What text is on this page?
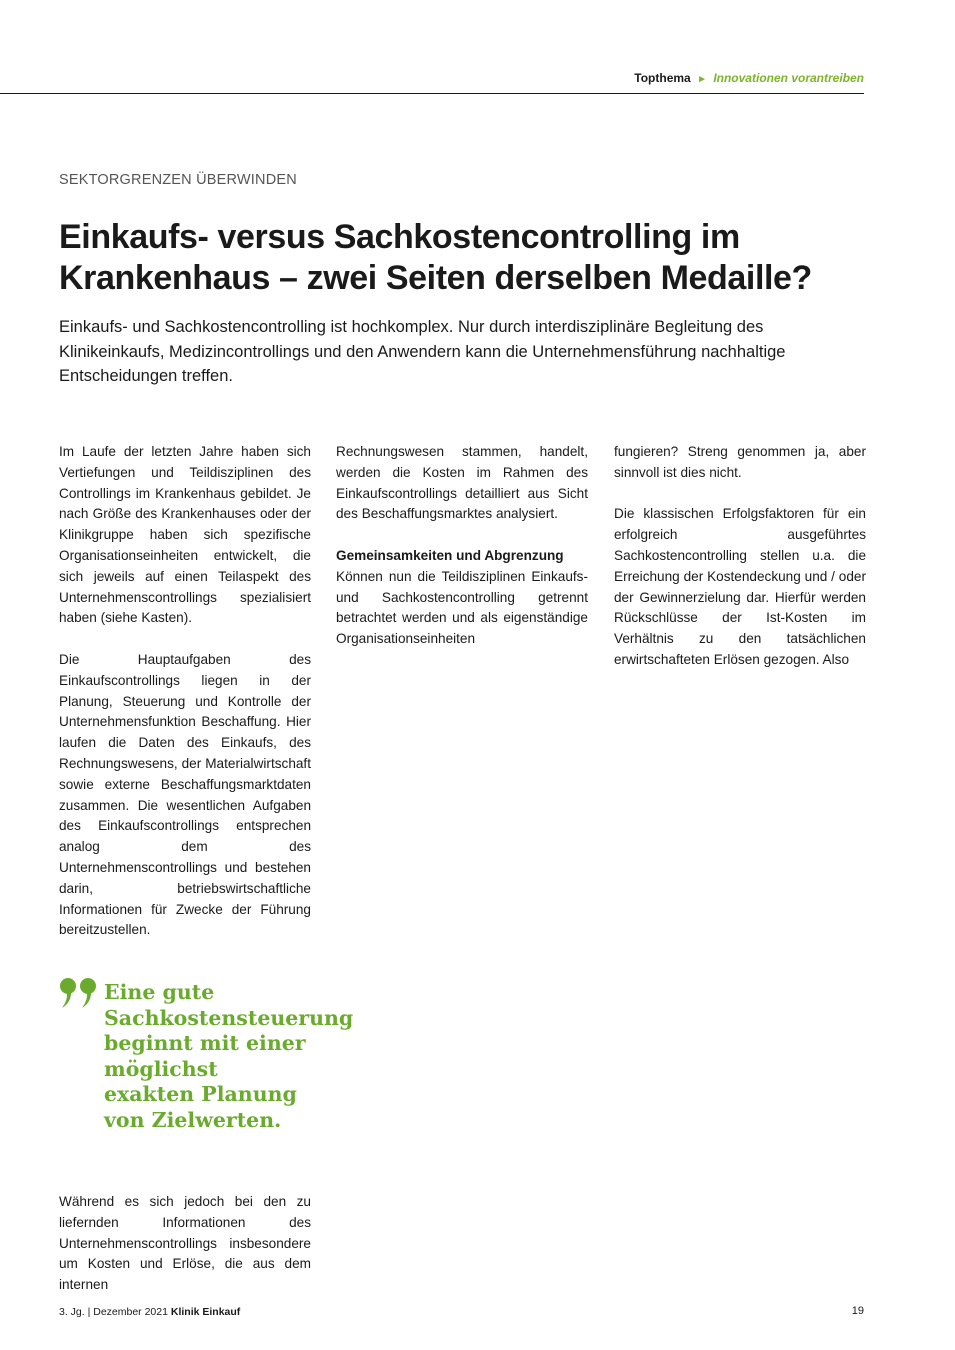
Topthema ► Innovationen vorantreiben
SEKTORGRENZEN ÜBERWINDEN
Einkaufs- versus Sachkostencontrolling im
Krankenhaus – zwei Seiten derselben Medaille?

Einkaufs- und Sachkostencontrolling ist hochkomplex. Nur durch interdisziplinäre Begleitung des Klinikeinkaufs, Medizincontrollings und den Anwendern kann die Unternehmensführung nachhaltige Entscheidungen treffen.

Im Laufe der letzten Jahre haben sich Vertiefungen und Teildisziplinen des Controllings im Krankenhaus gebildet. Je nach Größe des Krankenhauses oder der Klinikgruppe haben sich spezifische Organisationseinheiten entwickelt, die sich jeweils auf einen Teilaspekt des Unternehmenscontrollings spezialisiert haben (siehe Kasten).

Die Hauptaufgaben des Einkaufscontrollings liegen in der Planung, Steuerung und Kontrolle der Unternehmensfunktion Beschaffung. Hier laufen die Daten des Einkaufs, des Rechnungswesens, der Materialwirtschaft sowie externe Beschaffungsmarktdaten zusammen. Die wesentlichen Aufgaben des Einkaufscontrollings entsprechen analog dem des Unternehmenscontrollings und bestehen darin, betriebswirtschaftliche Informationen für Zwecke der Führung bereitzustellen.

Eine gute Sachkostensteuerung beginnt mit einer möglichst exakten Planung von Zielwerten.

Während es sich jedoch bei den zu liefernden Informationen des Unternehmenscontrollings insbesondere um Kosten und Erlöse, die aus dem internen

Rechnungswesen stammen, handelt, werden die Kosten im Rahmen des Einkaufscontrollings detailliert aus Sicht des Beschaffungsmarktes analysiert.

Gemeinsamkeiten und Abgrenzung

Können nun die Teildisziplinen Einkaufs- und Sachkostencontrolling getrennt betrachtet werden und als eigenständige Organisationseinheiten

fungieren? Streng genommen ja, aber sinnvoll ist dies nicht.

Die klassischen Erfolgsfaktoren für ein erfolgreich ausgeführtes Sachkostencontrolling stellen u.a. die Erreichung der Kostendeckung und / oder der Gewinnerzielung dar. Hierfür werden Rückschlüsse der Ist-Kosten im Verhältnis zu den tatsächlichen erwirtschafteten Erlösen gezogen. Also

3. Jg. | Dezember 2021 Klinik Einkauf	19
